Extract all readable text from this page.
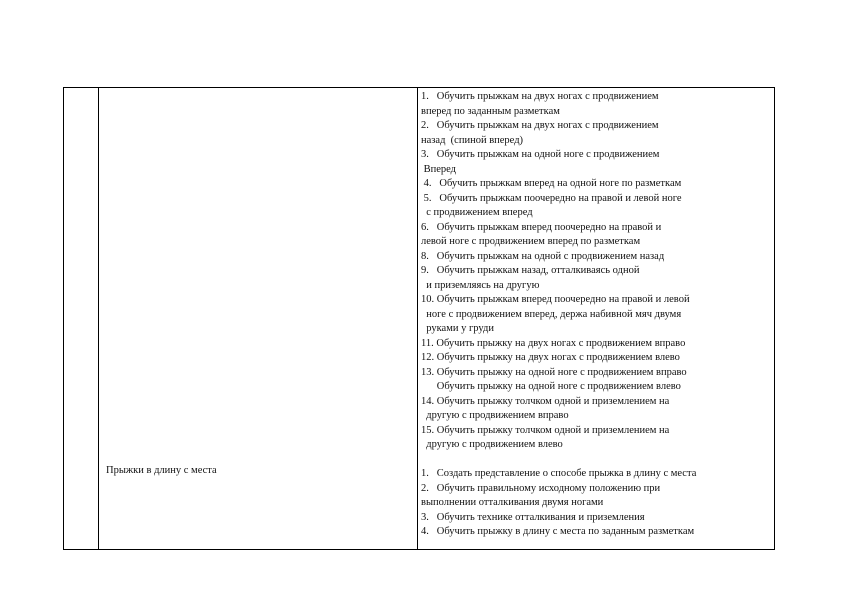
Прыжки в длину с места
1.   Обучить прыжкам на двух ногах с продвижением
вперед по заданным разметкам
2.   Обучить прыжкам на двух ногах с продвижением
назад  (спиной вперед)
3.   Обучить прыжкам на одной ноге с продвижением
Вперед
4.   Обучить прыжкам вперед на одной ноге по разметкам
5.   Обучить прыжкам поочередно на правой и левой ноге
с продвижением вперед
6.   Обучить прыжкам вперед поочередно на правой и
левой ноге с продвижением вперед по разметкам
8.   Обучить прыжкам на одной с продвижением назад
9.   Обучить прыжкам назад, отталкиваясь одной
и приземляясь на другую
10. Обучить прыжкам вперед поочередно на правой и левой
ноге с продвижением вперед, держа набивной мяч двумя
руками у груди
11. Обучить прыжку на двух ногах с продвижением вправо
12. Обучить прыжку на двух ногах с продвижением влево
13. Обучить прыжку на одной ноге с продвижением вправо
Обучить прыжку на одной ноге с продвижением влево
14. Обучить прыжку толчком одной и приземлением на
другую с продвижением вправо
15. Обучить прыжку толчком одной и приземлением на
другую с продвижением влево
1.   Создать представление о способе прыжка в длину с места
2.   Обучить правильному исходному положению при
выполнении отталкивания двумя ногами
3.   Обучить технике отталкивания и приземления
4.   Обучить прыжку в длину с места по заданным разметкам
